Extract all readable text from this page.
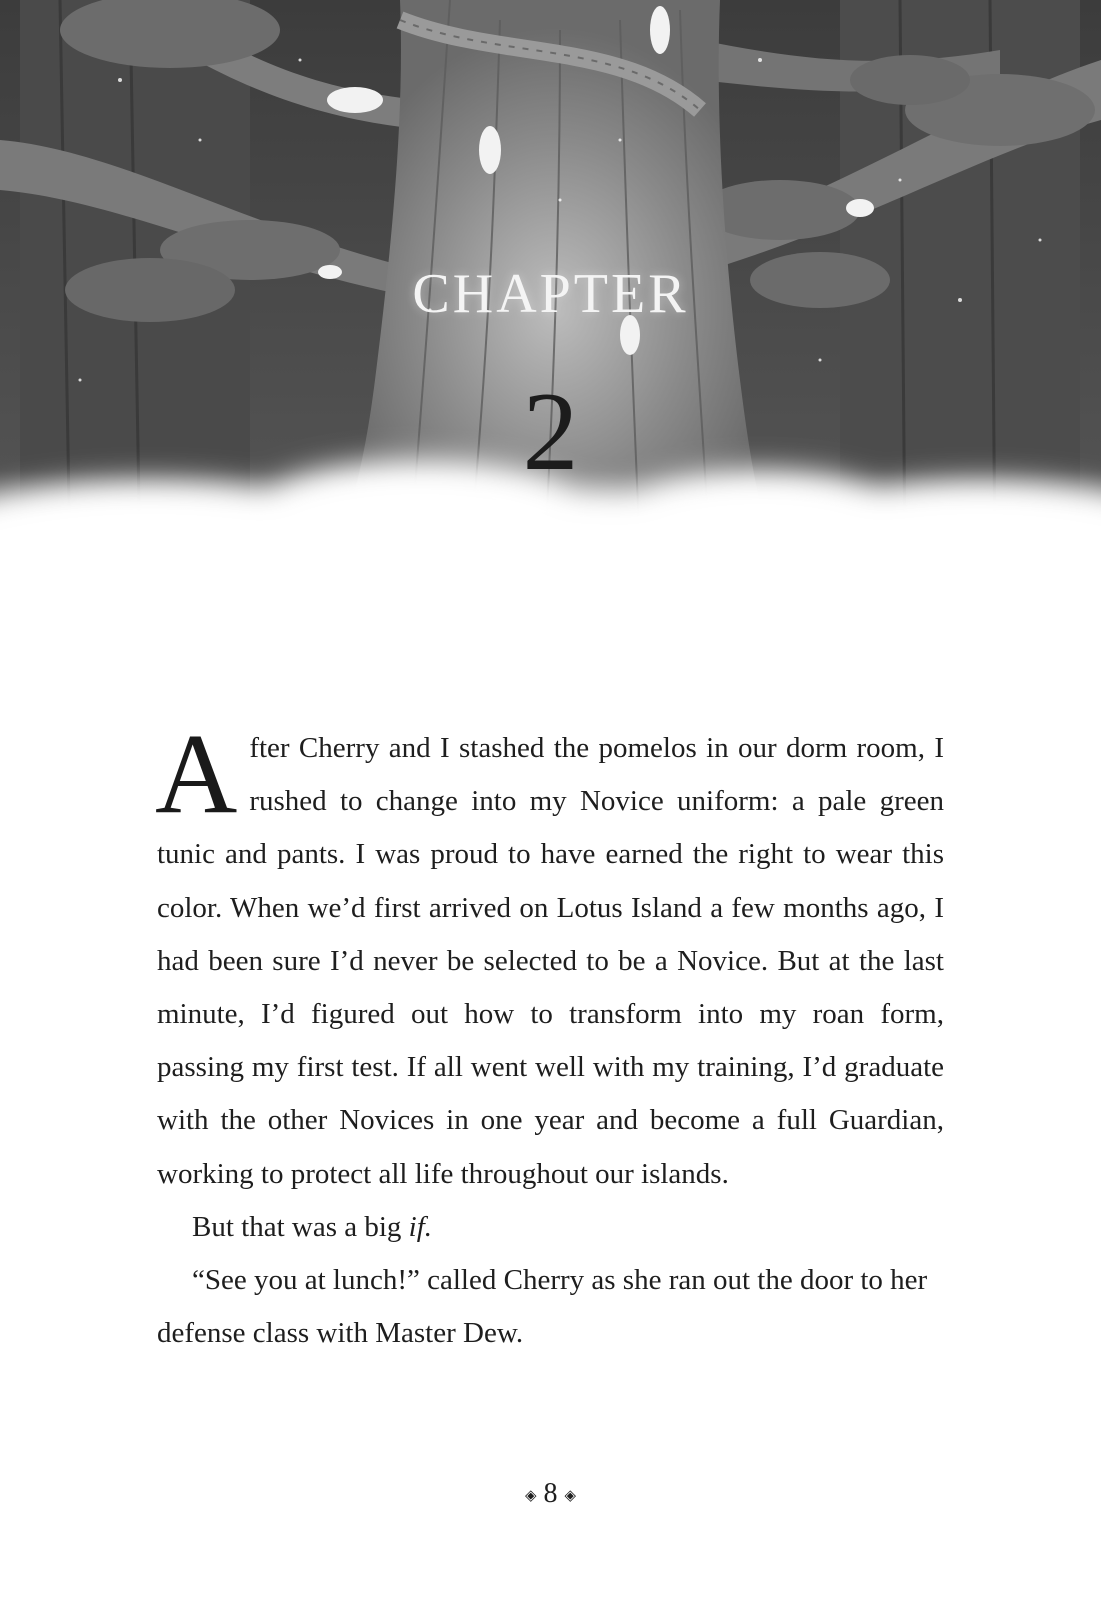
CHAPTER
2

After Cherry and I stashed the pomelos in our dorm room, I rushed to change into my Novice uniform: a pale green tunic and pants. I was proud to have earned the right to wear this color. When we’d first arrived on Lotus Island a few months ago, I had been sure I’d never be selected to be a Novice. But at the last minute, I’d figured out how to transform into my roan form, passing my first test. If all went well with my training, I’d graduate with the other Novices in one year and become a full Guardian, working to protect all life throughout our islands.

But that was a big if.

“See you at lunch!” called Cherry as she ran out the door to her defense class with Master Dew.

◈ 8 ◈
